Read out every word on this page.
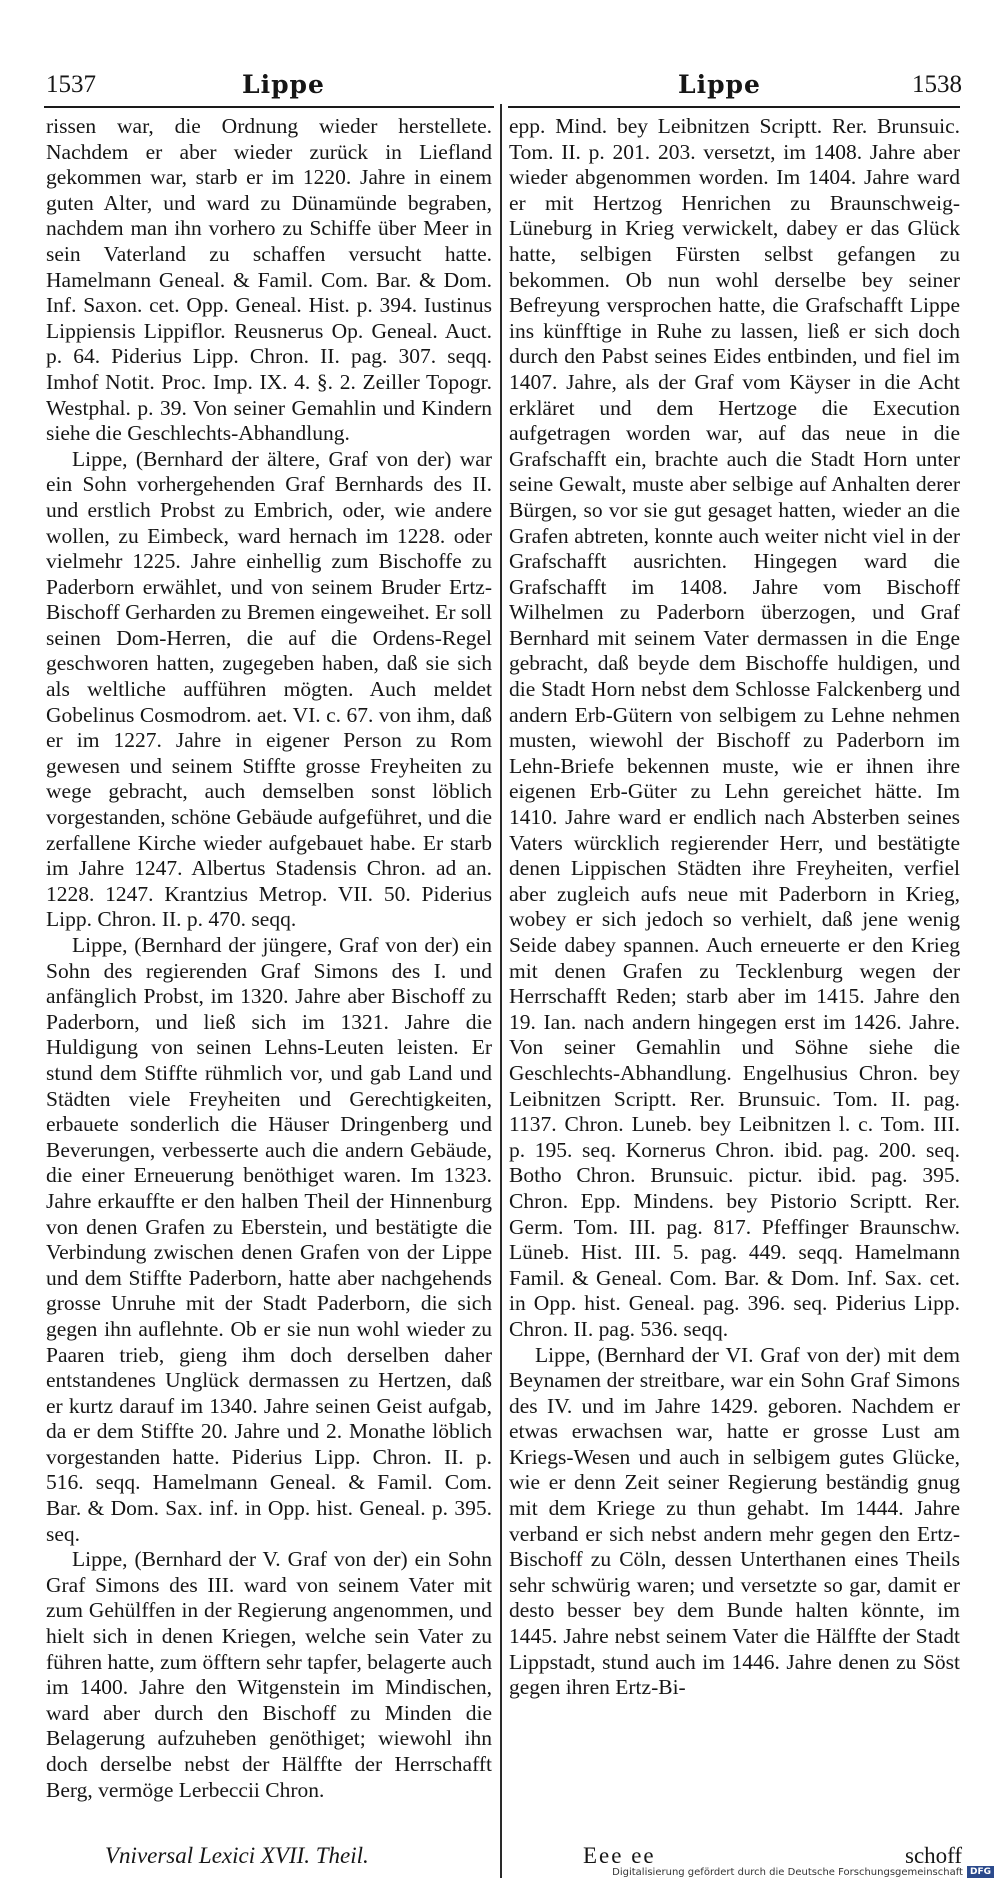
1537	Lippe	Lippe	1538

rissen war, die Ordnung wieder herstellete. Nachdem er aber wieder zurück in Liefland gekommen war, starb er im 1220. Jahre in einem guten Alter, und ward zu Dünamünde begraben, nachdem man ihn vorhero zu Schiffe über Meer in sein Vaterland zu schaffen versucht hatte. Hamelmann Geneal. & Famil. Com. Bar. & Dom. Inf. Saxon. cet. Opp. Geneal. Hist. p. 394. Iustinus Lippiensis Lippiflor. Reusnerus Op. Geneal. Auct. p. 64. Piderius Lipp. Chron. II. pag. 307. seqq. Imhof Notit. Proc. Imp. IX. 4. §. 2. Zeiller Topogr. Westphal. p. 39. Von seiner Gemahlin und Kindern siehe die Geschlechts-Abhandlung.

Lippe, (Bernhard der ältere, Graf von der) war ein Sohn vorhergehenden Graf Bernhards des II. und erstlich Probst zu Embrich, oder, wie andere wollen, zu Eimbeck, ward hernach im 1228. oder vielmehr 1225. Jahre einhellig zum Bischoffe zu Paderborn erwählet, und von seinem Bruder Ertz-Bischoff Gerharden zu Bremen eingeweihet. Er soll seinen Dom-Herren, die auf die Ordens-Regel geschworen hatten, zugegeben haben, daß sie sich als weltliche aufführen mögten. Auch meldet Gobelinus Cosmodrom. aet. VI. c. 67. von ihm, daß er im 1227. Jahre in eigener Person zu Rom gewesen und seinem Stiffte grosse Freyheiten zu wege gebracht, auch demselben sonst löblich vorgestanden, schöne Gebäude aufgeführet, und die zerfallene Kirche wieder aufgebauet habe. Er starb im Jahre 1247. Albertus Stadensis Chron. ad an. 1228. 1247. Krantzius Metrop. VII. 50. Piderius Lipp. Chron. II. p. 470. seqq.

Lippe, (Bernhard der jüngere, Graf von der) ein Sohn des regierenden Graf Simons des I. und anfänglich Probst, im 1320. Jahre aber Bischoff zu Paderborn, und ließ sich im 1321. Jahre die Huldigung von seinen Lehns-Leuten leisten. Er stund dem Stiffte rühmlich vor, und gab Land und Städten viele Freyheiten und Gerechtigkeiten, erbauete sonderlich die Häuser Dringenberg und Beverungen, verbesserte auch die andern Gebäude, die einer Erneuerung benöthiget waren. Im 1323. Jahre erkauffte er den halben Theil der Hinnenburg von denen Grafen zu Eberstein, und bestätigte die Verbindung zwischen denen Grafen von der Lippe und dem Stiffte Paderborn, hatte aber nachgehends grosse Unruhe mit der Stadt Paderborn, die sich gegen ihn auflehnte. Ob er sie nun wohl wieder zu Paaren trieb, gieng ihm doch derselben daher entstandenes Unglück dermassen zu Hertzen, daß er kurtz darauf im 1340. Jahre seinen Geist aufgab, da er dem Stiffte 20. Jahre und 2. Monathe löblich vorgestanden hatte. Piderius Lipp. Chron. II. p. 516. seqq. Hamelmann Geneal. & Famil. Com. Bar. & Dom. Sax. inf. in Opp. hist. Geneal. p. 395. seq.

Lippe, (Bernhard der V. Graf von der) ein Sohn Graf Simons des III. ward von seinem Vater mit zum Gehülffen in der Regierung angenommen, und hielt sich in denen Kriegen, welche sein Vater zu führen hatte, zum öfftern sehr tapfer, belagerte auch im 1400. Jahre den Witgenstein im Mindischen, ward aber durch den Bischoff zu Minden die Belagerung aufzuheben genöthiget; wiewohl ihn doch derselbe nebst der Hälffte der Herrschafft Berg, vermöge Lerbeccii Chron.

epp. Mind. bey Leibnitzen Scriptt. Rer. Brunsuic. Tom. II. p. 201. 203. versetzt, im 1408. Jahre aber wieder abgenommen worden. Im 1404. Jahre ward er mit Hertzog Henrichen zu Braunschweig-Lüneburg in Krieg verwickelt, dabey er das Glück hatte, selbigen Fürsten selbst gefangen zu bekommen. Ob nun wohl derselbe bey seiner Befreyung versprochen hatte, die Grafschafft Lippe ins künfftige in Ruhe zu lassen, ließ er sich doch durch den Pabst seines Eides entbinden, und fiel im 1407. Jahre, als der Graf vom Käyser in die Acht erkläret und dem Hertzoge die Execution aufgetragen worden war, auf das neue in die Grafschafft ein, brachte auch die Stadt Horn unter seine Gewalt, muste aber selbige auf Anhalten derer Bürgen, so vor sie gut gesaget hatten, wieder an die Grafen abtreten, konnte auch weiter nicht viel in der Grafschafft ausrichten. Hingegen ward die Grafschafft im 1408. Jahre vom Bischoff Wilhelmen zu Paderborn überzogen, und Graf Bernhard mit seinem Vater dermassen in die Enge gebracht, daß beyde dem Bischoffe huldigen, und die Stadt Horn nebst dem Schlosse Falckenberg und andern Erb-Gütern von selbigem zu Lehne nehmen musten, wiewohl der Bischoff zu Paderborn im Lehn-Briefe bekennen muste, wie er ihnen ihre eigenen Erb-Güter zu Lehn gereichet hätte. Im 1410. Jahre ward er endlich nach Absterben seines Vaters würcklich regierender Herr, und bestätigte denen Lippischen Städten ihre Freyheiten, verfiel aber zugleich aufs neue mit Paderborn in Krieg, wobey er sich jedoch so verhielt, daß jene wenig Seide dabey spannen. Auch erneuerte er den Krieg mit denen Grafen zu Tecklenburg wegen der Herrschafft Reden; starb aber im 1415. Jahre den 19. Ian. nach andern hingegen erst im 1426. Jahre. Von seiner Gemahlin und Söhne siehe die Geschlechts-Abhandlung. Engelhusius Chron. bey Leibnitzen Scriptt. Rer. Brunsuic. Tom. II. pag. 1137. Chron. Luneb. bey Leibnitzen l. c. Tom. III. p. 195. seq. Kornerus Chron. ibid. pag. 200. seq. Botho Chron. Brunsuic. pictur. ibid. pag. 395. Chron. Epp. Mindens. bey Pistorio Scriptt. Rer. Germ. Tom. III. pag. 817. Pfeffinger Braunschw. Lüneb. Hist. III. 5. pag. 449. seqq. Hamelmann Famil. & Geneal. Com. Bar. & Dom. Inf. Sax. cet. in Opp. hist. Geneal. pag. 396. seq. Piderius Lipp. Chron. II. pag. 536. seqq.

Lippe, (Bernhard der VI. Graf von der) mit dem Beynamen der streitbare, war ein Sohn Graf Simons des IV. und im Jahre 1429. geboren. Nachdem er etwas erwachsen war, hatte er grosse Lust am Kriegs-Wesen und auch in selbigem gutes Glücke, wie er denn Zeit seiner Regierung beständig gnug mit dem Kriege zu thun gehabt. Im 1444. Jahre verband er sich nebst andern mehr gegen den Ertz-Bischoff zu Cöln, dessen Unterthanen eines Theils sehr schwürig waren; und versetzte so gar, damit er desto besser bey dem Bunde halten könnte, im 1445. Jahre nebst seinem Vater die Hälffte der Stadt Lippstadt, stund auch im 1446. Jahre denen zu Söst gegen ihren Ertz-Bi-

Vniversal Lexici XVII. Theil.	Eee ee	schoff
Digitalisierung gefördert durch die Deutsche Forschungsgemeinschaft DFG
